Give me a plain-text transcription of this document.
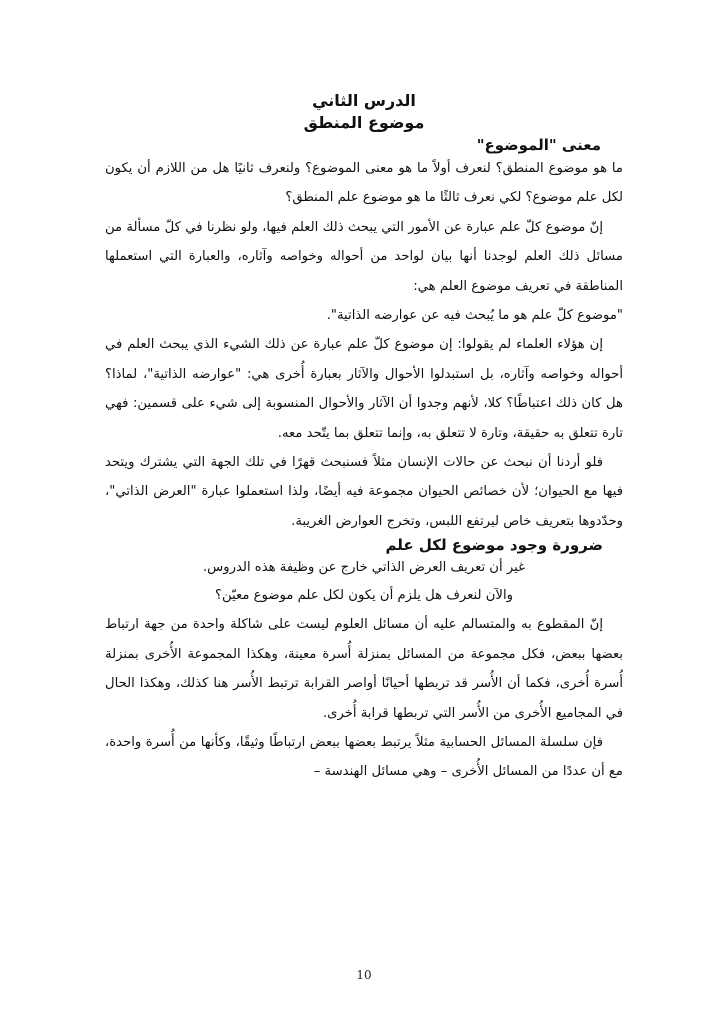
الدرس الثاني
موضوع المنطق
معنى "الموضوع"

ما هو موضوع المنطق؟ لنعرف أولاً ما هو معنى الموضوع؟ ولنعرف ثانيًا هل من اللازم أن يكون لكل علم موضوع؟ لكي نعرف ثالثًا ما هو موضوع علم المنطق؟

إنّ موضوع كلّ علم عبارة عن الأمور التي يبحث ذلك العلم فيها، ولو نظرنا في كلّ مسألة من مسائل ذلك العلم لوجدنا أنها بيان لواحد من أحواله وخواصه وآثاره، والعبارة التي استعملها المناطقة في تعريف موضوع العلم هي:

"موضوع كلّ علم هو ما يُبحث فيه عن عوارضه الذاتية".

إن هؤلاء العلماء لم يقولوا: إن موضوع كلّ علم عبارة عن ذلك الشيء الذي يبحث العلم في أحواله وخواصه وآثاره، بل استبدلوا الأحوال والآثار بعبارة أُخرى هي: "عوارضه الذاتية"، لماذا؟ هل كان ذلك اعتباطًا؟ كلا، لأنهم وجدوا أن الآثار والأحوال المنسوبة إلى شيء على قسمين: فهي تارة تتعلق به حقيقة، وتارة لا تتعلق به، وإنما تتعلق بما يتّحد معه.

فلو أردنا أن نبحث عن حالات الإنسان مثلاً فسنبحث قهرًا في تلك الجهة التي يشترك ويتحد فيها مع الحيوان؛ لأن خصائص الحيوان مجموعة فيه أيضًا، ولذا استعملوا عبارة "العرض الذاتي"، وحدّدوها بتعريف خاص ليرتفع اللبس، وتخرج العوارض الغريبة.

ضرورة وجود موضوع لكل علم

غير أن تعريف العرض الذاتي خارج عن وظيفة هذه الدروس.

والآن لنعرف هل يلزم أن يكون لكل علم موضوع معيّن؟

إنّ المقطوع به والمتسالم عليه أن مسائل العلوم ليست على شاكلة واحدة من جهة ارتباط بعضها ببعض، فكل مجموعة من المسائل بمنزلة أُسرة معينة، وهكذا المجموعة الأُخرى بمنزلة أُسرة أُخرى، فكما أن الأُسر قد تربطها أحيانًا أواصر القرابة ترتبط الأُسر هنا كذلك، وهكذا الحال في المجاميع الأُخرى من الأُسر التي تربطها قرابة أُخرى.

فإن سلسلة المسائل الحسابية مثلاً يرتبط بعضها ببعض ارتباطًا وثيقًا، وكأنها من أُسرة واحدة، مع أن عددًا من المسائل الأُخرى – وهي مسائل الهندسة –

10
